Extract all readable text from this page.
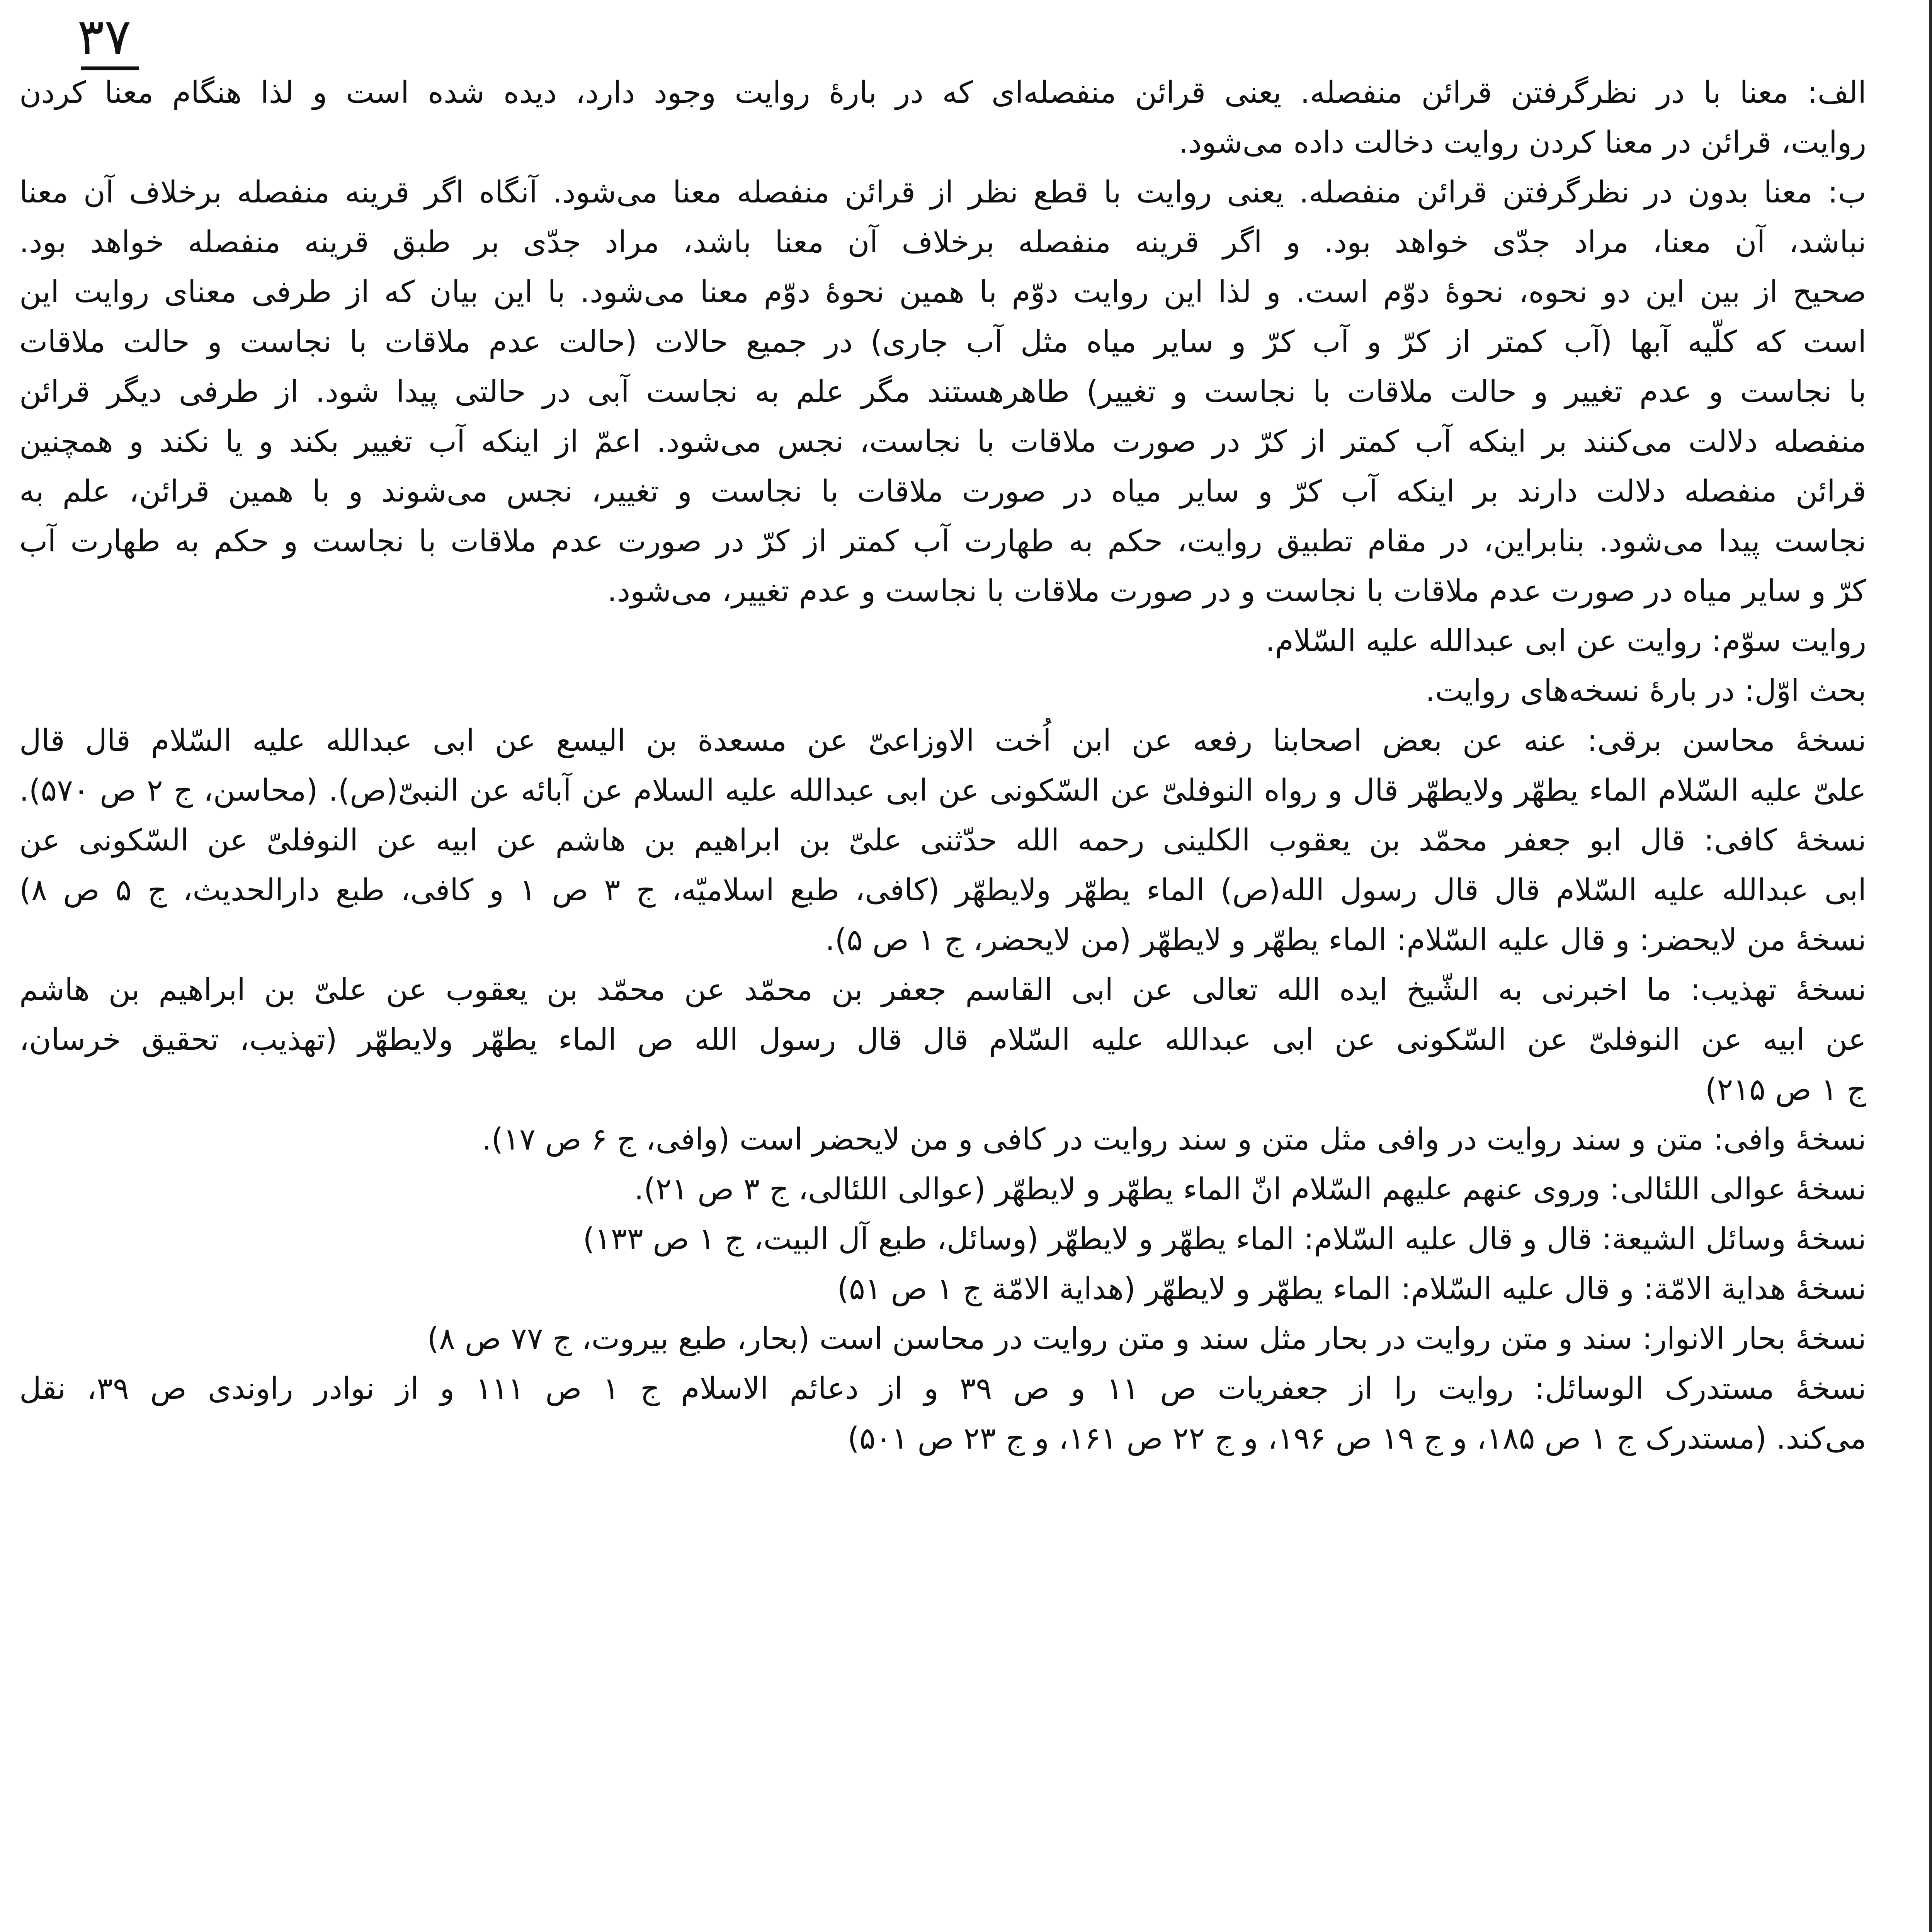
۳۷
الف: معنا با در نظرگرفتن قرائن منفصله. یعنی قرائن منفصله‌ای که در بارهٔ روایت وجود دارد، دیده شده است و لذا هنگام معنا کردن
روایت، قرائن در معنا کردن روایت دخالت داده می‌شود.
ب: معنا بدون در نظرگرفتن قرائن منفصله. یعنی روایت با قطع نظر از قرائن منفصله معنا می‌شود. آنگاه اگر قرینه منفصله برخلاف آن معنا
نباشد، آن معنا، مراد جدّی خواهد بود. و اگر قرینه منفصله برخلاف آن معنا باشد، مراد جدّی بر طبق قرینه منفصله خواهد بود.
صحیح از بین این دو نحوه، نحوهٔ دوّم است. و لذا این روایت دوّم با همین نحوهٔ دوّم معنا می‌شود. با این بیان که از طرفی معنای روایت این
است که کلّیه آبها (آب کمتر از کرّ و آب کرّ و سایر میاه مثل آب جاری) در جمیع حالات (حالت عدم ملاقات با نجاست و حالت ملاقات
با نجاست و عدم تغییر و حالت ملاقات با نجاست و تغییر) طاهرهستند مگر علم به نجاست آبی در حالتی پیدا شود. از طرفی دیگر قرائن
منفصله دلالت می‌کنند بر اینکه آب کمتر از کرّ در صورت ملاقات با نجاست، نجس می‌شود. اعمّ از اینکه آب تغییر بکند و یا نکند و همچنین
قرائن منفصله دلالت دارند بر اینکه آب کرّ و سایر میاه در صورت ملاقات با نجاست و تغییر، نجس می‌شوند و با همین قرائن، علم به
نجاست پیدا می‌شود. بنابراین، در مقام تطبیق روایت، حکم به طهارت آب کمتر از کرّ در صورت عدم ملاقات با نجاست و حکم به طهارت آب
کرّ و سایر میاه در صورت عدم ملاقات با نجاست و در صورت ملاقات با نجاست و عدم تغییر، می‌شود.
روایت سوّم: روایت عن ابی عبدالله علیه السّلام.
بحث اوّل: در بارهٔ نسخه‌های روایت.
نسخهٔ محاسن برقی: عنه عن بعض اصحابنا رفعه عن ابن اُخت الاوزاعیّ عن مسعدة بن الیسع عن ابی عبدالله علیه السّلام قال قال
علیّ علیه السّلام الماء یطهّر ولایطهّر قال و رواه النوفلیّ عن السّکونی عن ابی عبدالله علیه السلام عن آبائه عن النبیّ(ص). (محاسن، ج ۲ ص ۵۷۰).
نسخهٔ کافی: قال ابو جعفر محمّد بن یعقوب الکلینی رحمه الله حدّثنی علیّ بن ابراهیم بن هاشم عن ابیه عن النوفلیّ عن السّکونی عن
ابی عبدالله علیه السّلام قال قال رسول الله(ص) الماء یطهّر ولایطهّر (کافی، طبع اسلامیّه، ج ۳ ص ۱ و کافی، طبع دارالحدیث، ج ۵ ص ۸)
نسخهٔ من لایحضر: و قال علیه السّلام: الماء یطهّر و لایطهّر (من لایحضر، ج ۱ ص ۵).
نسخهٔ تهذیب: ما اخبرنی به الشّیخ ایده الله تعالی عن ابی القاسم جعفر بن محمّد عن محمّد بن یعقوب عن علیّ بن ابراهیم بن هاشم
عن ابیه عن النوفلیّ عن السّکونی عن ابی عبدالله علیه السّلام قال قال رسول الله ص الماء یطهّر ولایطهّر (تهذیب، تحقیق خرسان،
ج ۱ ص ۲۱۵)
نسخهٔ وافی: متن و سند روایت در وافی مثل متن و سند روایت در کافی و من لایحضر است (وافی، ج ۶ ص ۱۷).
نسخهٔ عوالی اللئالی: وروی عنهم علیهم السّلام انّ الماء یطهّر و لایطهّر (عوالی اللئالی، ج ۳ ص ۲۱).
نسخهٔ وسائل الشیعة: قال و قال علیه السّلام: الماء یطهّر و لایطهّر (وسائل، طبع آل البیت، ج ۱ ص ۱۳۳)
نسخهٔ هدایة الامّة: و قال علیه السّلام: الماء یطهّر و لایطهّر (هدایة الامّة ج ۱ ص ۵۱)
نسخهٔ بحار الانوار: سند و متن روایت در بحار مثل سند و متن روایت در محاسن است (بحار، طبع بیروت، ج ۷۷ ص ۸)
نسخهٔ مستدرک الوسائل: روایت را از جعفریات ص ۱۱ و ص ۳۹ و از دعائم الاسلام ج ۱ ص ۱۱۱ و از نوادر راوندی ص ۳۹، نقل
می‌کند. (مستدرک ج ۱ ص ۱۸۵، و ج ۱۹ ص ۱۹۶، و ج ۲۲ ص ۱۶۱، و ج ۲۳ ص ۵۰۱)
